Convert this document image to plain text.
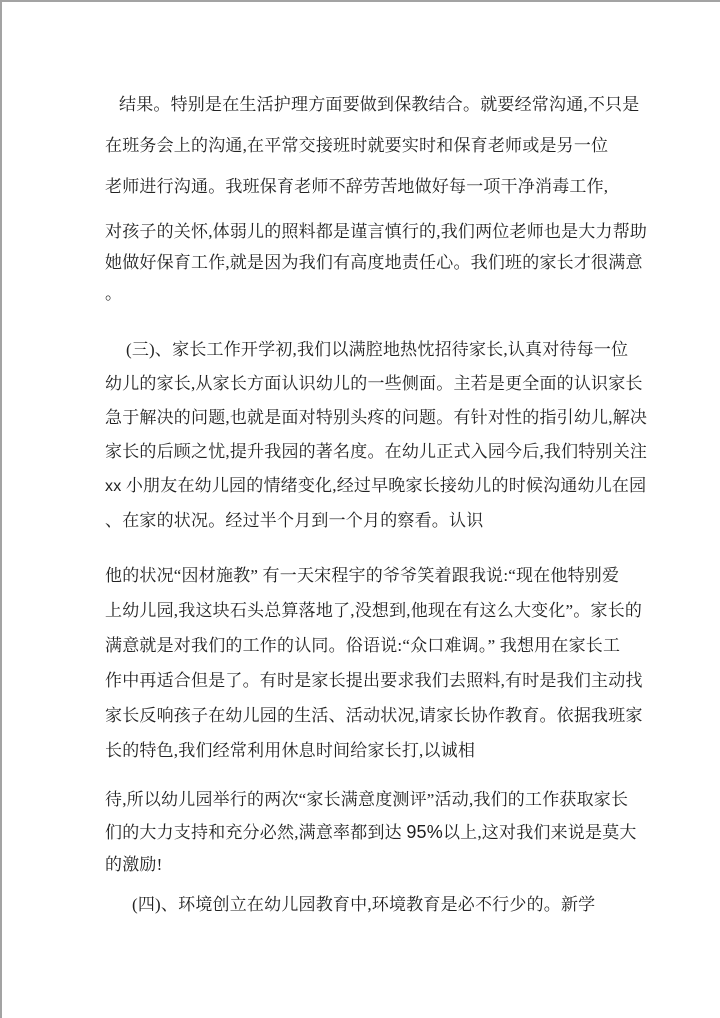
结果。特别是在生活护理方面要做到保教结合。就要经常沟通,不只是
在班务会上的沟通,在平常交接班时就要实时和保育老师或是另一位
老师进行沟通。我班保育老师不辞劳苦地做好每一项干净消毒工作,
对孩子的关怀,体弱儿的照料都是谨言慎行的,我们两位老师也是大力帮助
她做好保育工作,就是因为我们有高度地责任心。我们班的家长才很满意
。
(三)、家长工作开学初,我们以满腔地热忱招待家长,认真对待每一位
幼儿的家长,从家长方面认识幼儿的一些侧面。主若是更全面的认识家长
急于解决的问题,也就是面对特别头疼的问题。有针对性的指引幼儿,解决
家长的后顾之忧,提升我园的著名度。在幼儿正式入园今后,我们特别关注
xx 小朋友在幼儿园的情绪变化,经过早晚家长接幼儿的时候沟通幼儿在园
、在家的状况。经过半个月到一个月的察看。认识
他的状况“因材施教” 有一天宋程宇的爷爷笑着跟我说:“现在他特别爱
上幼儿园,我这块石头总算落地了,没想到,他现在有这么大变化”。家长的
满意就是对我们的工作的认同。俗语说:“众口难调。” 我想用在家长工
作中再适合但是了。有时是家长提出要求我们去照料,有时是我们主动找
家长反响孩子在幼儿园的生活、活动状况,请家长协作教育。依据我班家
长的特色,我们经常利用休息时间给家长打,以诚相
待,所以幼儿园举行的两次“家长满意度测评”活动,我们的工作获取家长
们的大力支持和充分必然,满意率都到达 95%以上,这对我们来说是莫大
的激励!
(四)、环境创立在幼儿园教育中,环境教育是必不行少的。新学
